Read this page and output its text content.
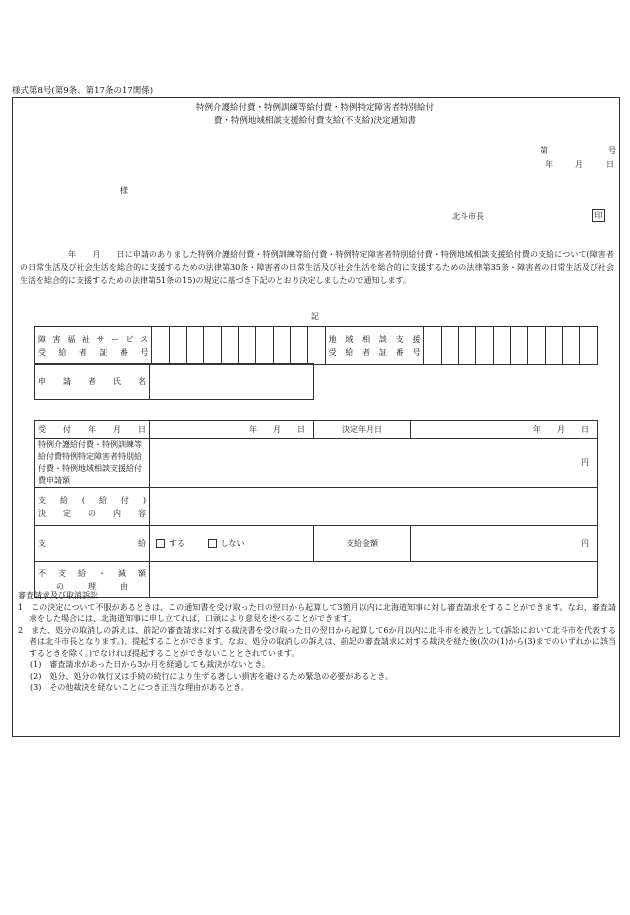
様式第8号(第9条、第17条の17関係)
特例介護給付費・特例訓練等給付費・特例特定障害者特別給付
費・特例地域相談支援給付費支給(不支給)決定通知書
第	号
年	月	日
様
北斗市長	印
年　　月　　日に申請のありました特例介護給付費・特例訓練等給付費・特例特定障害者特別給付費・特例地域相談支援給付費の支給について(障害者の日常生活及び社会生活を総合的に支援するための法律第30条・障害者の日常生活及び社会生活を総合的に支援するための法律第35条・障害者の日常生活及び社会生活を総合的に支援するための法律第51条の15)の規定に基づき下記のとおり決定しましたので通知します。
記
障害福祉サービス
受給者証番号

地域相談支援
受給者証番号

申請者氏名

受付年月日	年　　月　　日	決定年月日	年　　月　　日
特例介護給付費・特例訓練等給付費特例特定障害者特別給付費・特例地域相談支援給付費申請額	円		

支給(給付)
決定の内容			

支給	する しない	支給金額	円

不支給・減額
の理由			

審査請求及び取消訴訟

1　この決定について不服があるときは、この通知書を受け取った日の翌日から起算して3箇月以内に北海道知事に対し審査請求をすることができます。なお、審査請求をした場合には、北海道知事に申し立てれば、口頭により意見を述べることができます。

2　また、処分の取消しの訴えは、前記の審査請求に対する裁決書を受け取った日の翌日から起算して6か月以内に北斗市を被告として(訴訟において北斗市を代表する者は北斗市長となります。)、提起することができます。なお、処分の取消しの訴えは、前記の審査請求に対する裁決を経た後(次の(1)から(3)までのいずれかに該当するときを除く。)でなければ提起することができないこととされています。

(1)　審査請求があった日から3か月を経過しても裁決がないとき。

(2)　処分、処分の執行又は手続の続行により生ずる著しい損害を避けるため緊急の必要があるとき。

(3)　その他裁決を経ないことにつき正当な理由があるとき。
